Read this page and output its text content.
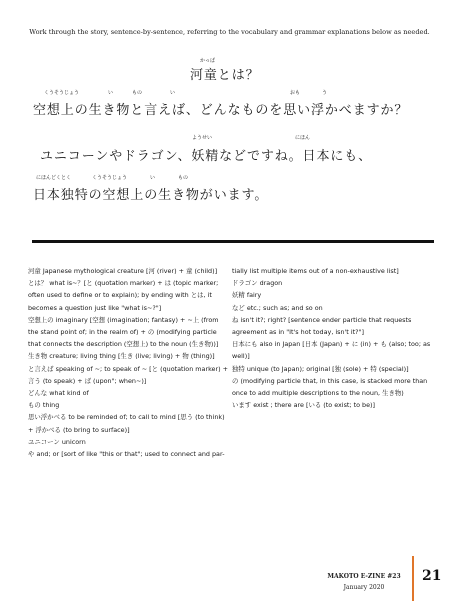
Work through the story, sentence-by-sentence, referring to the vocabulary and grammar explanations below as needed.
かっぱ
河童とは？
くうそうじょう	い	もの	い	おも	う
空想上の生き物と言えば、どんなものを思い浮かべますか？
ようせい	にほん
ユニコーンやドラゴン、妖精などですね。日本にも、
にほんどくとく	くうそうじょう	い	もの
日本独特の空想上の生き物がいます。

河童 Japanese mythological creature [河 (river) + 童 (child)]

とは？ what is~？[と (quotation marker) + は (topic marker; often used to define or to explain); by ending with とは, it becomes a question just like "what is~?"]

空想上の imaginary [空想 (imagination; fantasy) + ~上 (from the stand point of; in the realm of) + の (modifying particle that connects the description (空想上) to the noun (生き物))]

生き物 creature; living thing [生き (live; living) + 物 (thing)]

と言えば speaking of ~; to speak of ~ [と (quotation marker) + 言う (to speak) + ば (upon"; when~)]

どんな what kind of

もの thing

思い浮かべる to be reminded of; to call to mind [思う (to think) + 浮かべる (to bring to surface)]

ユニコーン unicorn

や and; or [sort of like "this or that"; used to connect and par-

tially list multiple items out of a non-exhaustive list]

ドラゴン dragon

妖精 fairy

など etc.; such as; and so on

ね isn't it?; right? [sentence ender particle that requests agreement as in "It's hot today, isn't it?"]

日本にも also in Japan [日本 (Japan) + に (in) + も (also; too; as well)]

独特 unique (to Japan); original [独 (sole) + 特 (special)]

の (modifying particle that, in this case, is stacked more than once to add multiple descriptions to the noun, 生き物)

います exist ; there are [いる (to exist; to be)]

MAKOTO E-ZINE #23
January 2020
21
